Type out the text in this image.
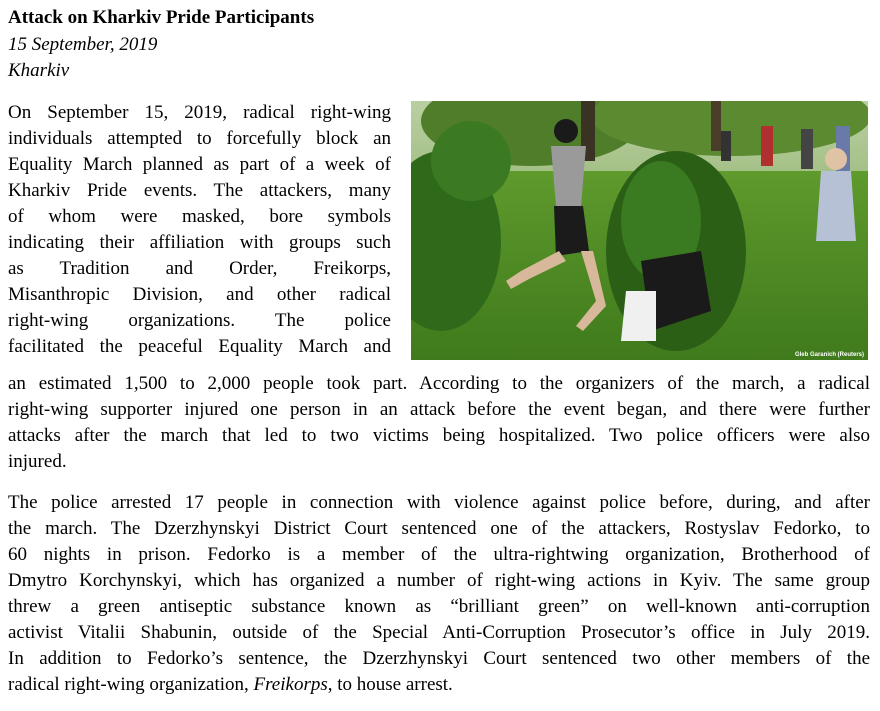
Attack on Kharkiv Pride Participants
15 September, 2019
Kharkiv
On September 15, 2019, radical right-wing
individuals attempted to forcefully block an
Equality March planned as part of a week of
Kharkiv Pride events. The attackers, many
of whom were masked, bore symbols
indicating their affiliation with groups such
as Tradition and Order, Freikorps,
Misanthropic Division, and other radical
right-wing organizations. The police
facilitated the peaceful Equality March and
an estimated 1,500 to 2,000 people took part. According to the organizers of the march, a radical
right-wing supporter injured one person in an attack before the event began, and there were further
attacks after the march that led to two victims being hospitalized. Two police officers were also
injured.
Gleb Garanich (Reuters)
The police arrested 17 people in connection with violence against police before, during, and after
the march. The Dzerzhynskyi District Court sentenced one of the attackers, Rostyslav Fedorko, to
60 nights in prison. Fedorko is a member of the ultra-rightwing organization, Brotherhood of
Dmytro Korchynskyi, which has organized a number of right-wing actions in Kyiv. The same group
threw a green antiseptic substance known as “brilliant green” on well-known anti-corruption
activist Vitalii Shabunin, outside of the Special Anti-Corruption Prosecutor’s office in July 2019.
In addition to Fedorko’s sentence, the Dzerzhynskyi Court sentenced two other members of the
radical right-wing organization, Freikorps, to house arrest.
